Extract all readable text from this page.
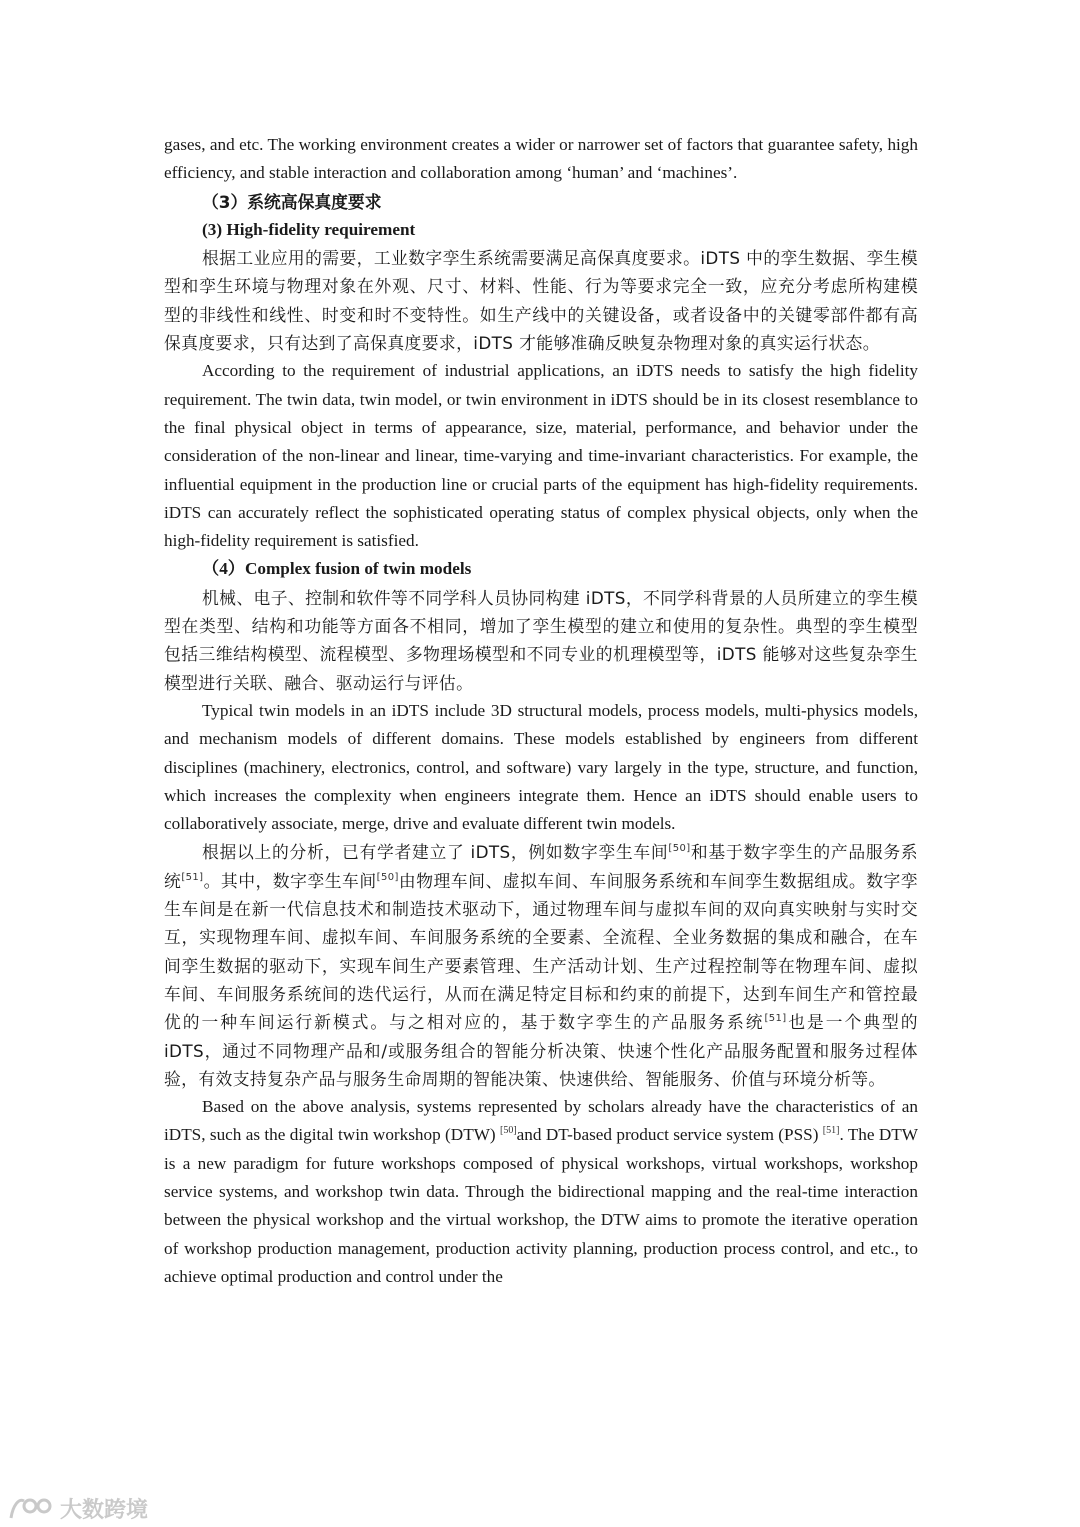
gases, and etc. The working environment creates a wider or narrower set of factors that guarantee safety, high efficiency, and stable interaction and collaboration among ‘human’ and ‘machines’.

（3）系统高保真度要求

(3) High-fidelity requirement

根据工业应用的需要，工业数字孪生系统需要满足高保真度要求。iDTS 中的孪生数据、孪生模型和孪生环境与物理对象在外观、尺寸、材料、性能、行为等要求完全一致，应充分考虑所构建模型的非线性和线性、时变和时不变特性。如生产线中的关键设备，或者设备中的关键零部件都有高保真度要求，只有达到了高保真度要求，iDTS 才能够准确反映复杂物理对象的真实运行状态。

According to the requirement of industrial applications, an iDTS needs to satisfy the high fidelity requirement. The twin data, twin model, or twin environment in iDTS should be in its closest resemblance to the final physical object in terms of appearance, size, material, performance, and behavior under the consideration of the non-linear and linear, time-varying and time-invariant characteristics. For example, the influential equipment in the production line or crucial parts of the equipment has high-fidelity requirements. iDTS can accurately reflect the sophisticated operating status of complex physical objects, only when the high-fidelity requirement is satisfied.

（4）Complex fusion of twin models

机械、电子、控制和软件等不同学科人员协同构建 iDTS，不同学科背景的人员所建立的孪生模型在类型、结构和功能等方面各不相同，增加了孪生模型的建立和使用的复杂性。典型的孪生模型包括三维结构模型、流程模型、多物理场模型和不同专业的机理模型等，iDTS 能够对这些复杂孪生模型进行关联、融合、驱动运行与评估。

Typical twin models in an iDTS include 3D structural models, process models, multi-physics models, and mechanism models of different domains. These models established by engineers from different disciplines (machinery, electronics, control, and software) vary largely in the type, structure, and function, which increases the complexity when engineers integrate them. Hence an iDTS should enable users to collaboratively associate, merge, drive and evaluate different twin models.

根据以上的分析，已有学者建立了 iDTS，例如数字孪生车间[50]和基于数字孪生的产品服务系统[51]。其中，数字孪生车间[50]由物理车间、虚拟车间、车间服务系统和车间孪生数据组成。数字孪生车间是在新一代信息技术和制造技术驱动下，通过物理车间与虚拟车间的双向真实映射与实时交互，实现物理车间、虚拟车间、车间服务系统的全要素、全流程、全业务数据的集成和融合，在车间孪生数据的驱动下，实现车间生产要素管理、生产活动计划、生产过程控制等在物理车间、虚拟车间、车间服务系统间的迭代运行，从而在满足特定目标和约束的前提下，达到车间生产和管控最优的一种车间运行新模式。与之相对应的，基于数字孪生的产品服务系统[51]也是一个典型的 iDTS，通过不同物理产品和/或服务组合的智能分析决策、快速个性化产品服务配置和服务过程体验，有效支持复杂产品与服务生命周期的智能决策、快速供给、智能服务、价值与环境分析等。

Based on the above analysis, systems represented by scholars already have the characteristics of an iDTS, such as the digital twin workshop (DTW) [50]and DT-based product service system (PSS) [51]. The DTW is a new paradigm for future workshops composed of physical workshops, virtual workshops, workshop service systems, and workshop twin data. Through the bidirectional mapping and the real-time interaction between the physical workshop and the virtual workshop, the DTW aims to promote the iterative operation of workshop production management, production activity planning, production process control, and etc., to achieve optimal production and control under the

大数跨境
